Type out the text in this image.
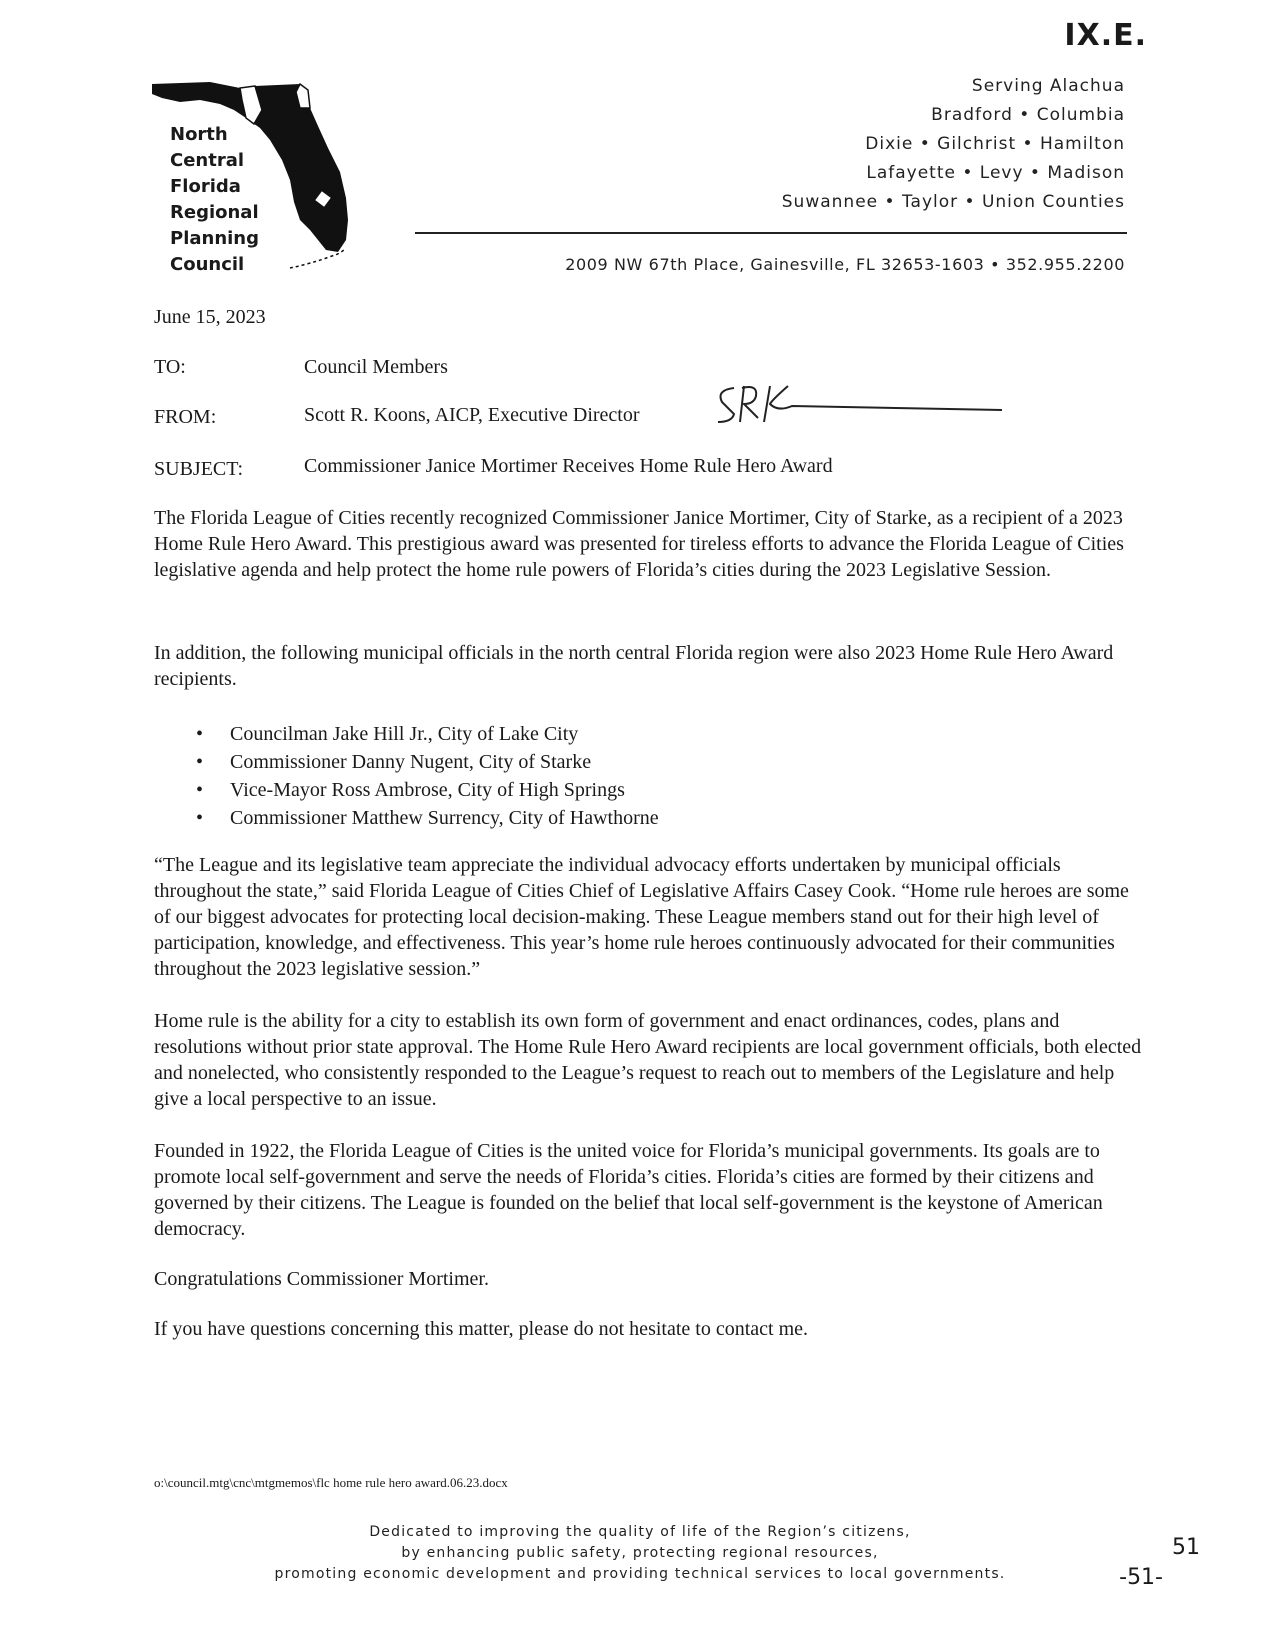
IX.E.
North
Central
Florida
Regional
Planning
Council
Serving Alachua
Bradford • Columbia
Dixie • Gilchrist • Hamilton
Lafayette • Levy • Madison
Suwannee • Taylor • Union Counties
2009 NW 67th Place, Gainesville, FL 32653-1603 • 352.955.2200
June 15, 2023
TO:	Council Members
FROM:	Scott R. Koons, AICP, Executive Director
SUBJECT:	Commissioner Janice Mortimer Receives Home Rule Hero Award

The Florida League of Cities recently recognized Commissioner Janice Mortimer, City of Starke, as a recipient of a 2023 Home Rule Hero Award. This prestigious award was presented for tireless efforts to advance the Florida League of Cities legislative agenda and help protect the home rule powers of Florida’s cities during the 2023 Legislative Session.

In addition, the following municipal officials in the north central Florida region were also 2023 Home Rule Hero Award recipients.

• Councilman Jake Hill Jr., City of Lake City
• Commissioner Danny Nugent, City of Starke
• Vice-Mayor Ross Ambrose, City of High Springs
• Commissioner Matthew Surrency, City of Hawthorne

“The League and its legislative team appreciate the individual advocacy efforts undertaken by municipal officials throughout the state,” said Florida League of Cities Chief of Legislative Affairs Casey Cook. “Home rule heroes are some of our biggest advocates for protecting local decision-making. These League members stand out for their high level of participation, knowledge, and effectiveness. This year’s home rule heroes continuously advocated for their communities throughout the 2023 legislative session.”

Home rule is the ability for a city to establish its own form of government and enact ordinances, codes, plans and resolutions without prior state approval. The Home Rule Hero Award recipients are local government officials, both elected and nonelected, who consistently responded to the League’s request to reach out to members of the Legislature and help give a local perspective to an issue.

Founded in 1922, the Florida League of Cities is the united voice for Florida’s municipal governments. Its goals are to promote local self-government and serve the needs of Florida’s cities. Florida’s cities are formed by their citizens and governed by their citizens. The League is founded on the belief that local self-government is the keystone of American democracy.

Congratulations Commissioner Mortimer.

If you have questions concerning this matter, please do not hesitate to contact me.

o:\council.mtg\cnc\mtgmemos\flc home rule hero award.06.23.docx
Dedicated to improving the quality of life of the Region’s citizens,
by enhancing public safety, protecting regional resources,
promoting economic development and providing technical services to local governments.
51
-51-
